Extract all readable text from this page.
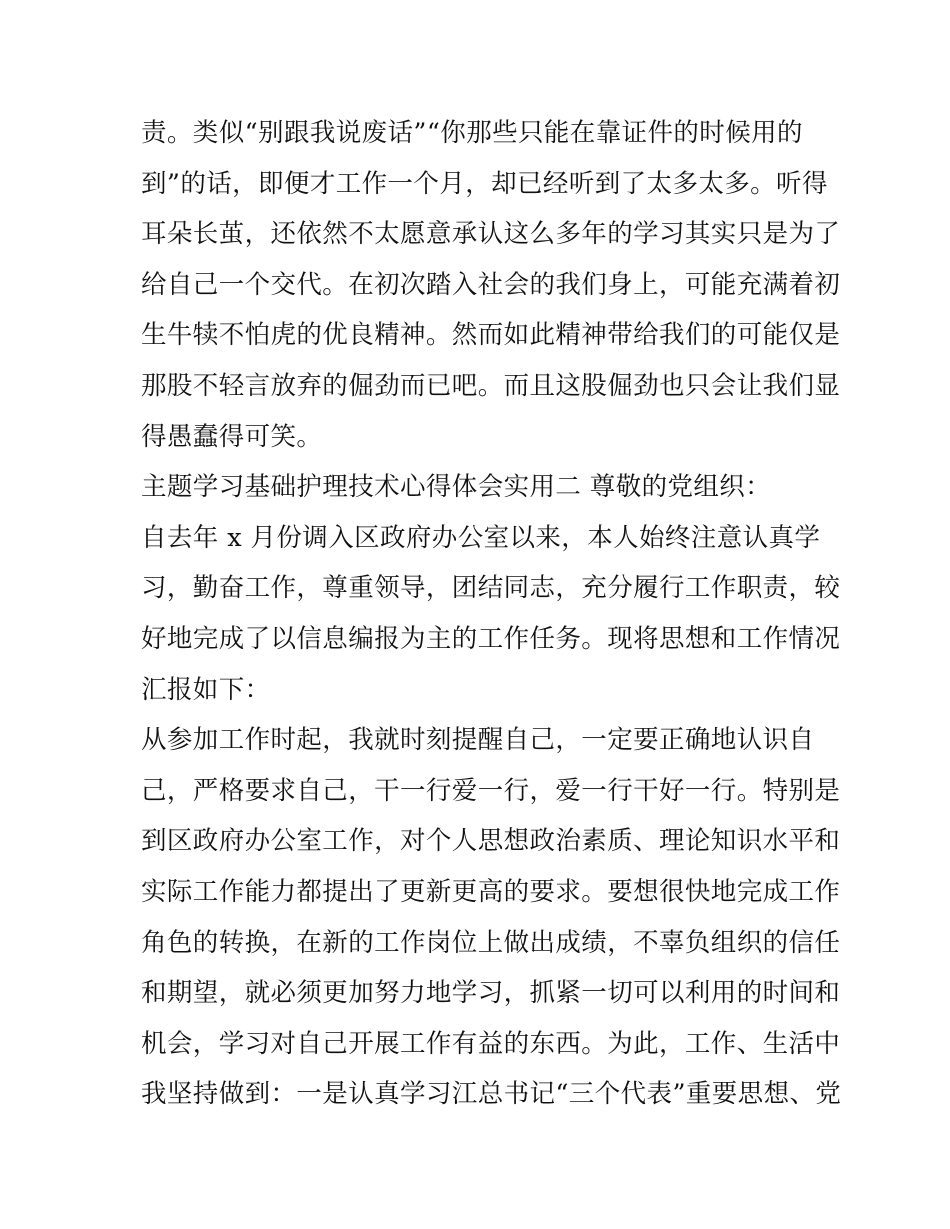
责。类似“别跟我说废话”“你那些只能在靠证件的时候用的
到”的话，即便才工作一个月，却已经听到了太多太多。听得
耳朵长茧，还依然不太愿意承认这么多年的学习其实只是为了
给自己一个交代。在初次踏入社会的我们身上，可能充满着初
生牛犊不怕虎的优良精神。然而如此精神带给我们的可能仅是
那股不轻言放弃的倔劲而已吧。而且这股倔劲也只会让我们显
得愚蠢得可笑。
主题学习基础护理技术心得体会实用二 尊敬的党组织：
自去年 x 月份调入区政府办公室以来，本人始终注意认真学
习，勤奋工作，尊重领导，团结同志，充分履行工作职责，较
好地完成了以信息编报为主的工作任务。现将思想和工作情况
汇报如下：
从参加工作时起，我就时刻提醒自己，一定要正确地认识自
己，严格要求自己，干一行爱一行，爱一行干好一行。特别是
到区政府办公室工作，对个人思想政治素质、理论知识水平和
实际工作能力都提出了更新更高的要求。要想很快地完成工作
角色的转换，在新的工作岗位上做出成绩，不辜负组织的信任
和期望，就必须更加努力地学习，抓紧一切可以利用的时间和
机会，学习对自己开展工作有益的东西。为此，工作、生活中
我坚持做到：一是认真学习江总书记“三个代表”重要思想、党
